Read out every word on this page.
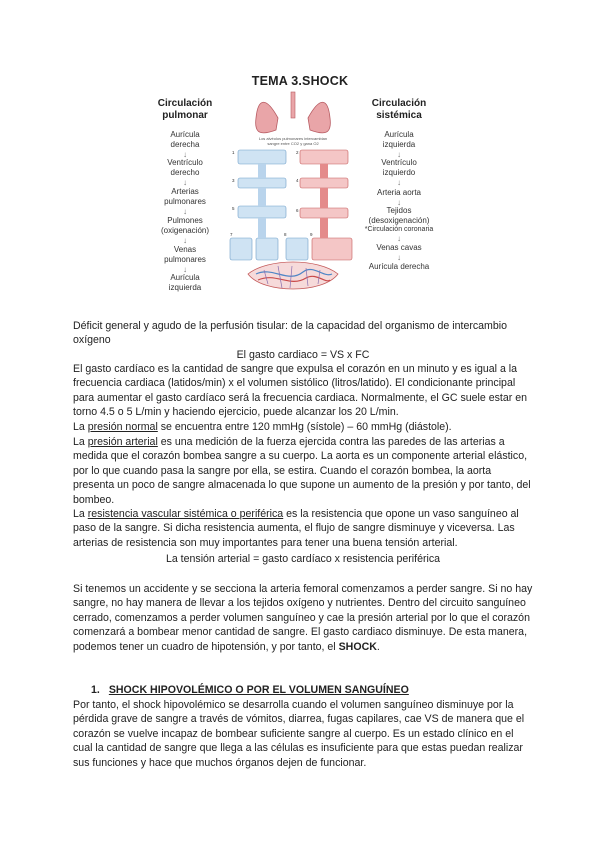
TEMA 3.SHOCK
Circulación
pulmonar
Aurícula
derecha
↓
Ventrículo
derecho
↓
Arterias
pulmonares
↓
Pulmones
(oxigenación)
↓
Venas
pulmonares
↓
Aurícula
izquierda
Circulación
sistémica
Aurícula
izquierda
↓
Ventrículo
izquierdo
↓
Arteria aorta
↓
Tejidos
(desoxigenación)
*Circulación coronaria
↓
Venas cavas
↓
Aurícula derecha
Los alvéolos pulmonares intercambian
sangre entre CO2 y gana O2
1	2
3	4
5	6
7	8	9
Déficit general y agudo de la perfusión tisular: de la capacidad del organismo de intercambio oxígeno
El gasto cardiaco = VS x FC
El gasto cardíaco es la cantidad de sangre que expulsa el corazón en un minuto y es igual a la frecuencia cardiaca (latidos/min) x el volumen sistólico (litros/latido). El condicionante principal para aumentar el gasto cardíaco será la frecuencia cardiaca. Normalmente, el GC suele estar en torno 4.5 o 5 L/min y haciendo ejercicio, puede alcanzar los 20 L/min.
La presión normal se encuentra entre 120 mmHg (sístole) – 60 mmHg (diástole).
La presión arterial es una medición de la fuerza ejercida contra las paredes de las arterias a medida que el corazón bombea sangre a su cuerpo. La aorta es un componente arterial elástico, por lo que cuando pasa la sangre por ella, se estira. Cuando el corazón bombea, la aorta presenta un poco de sangre almacenada lo que supone un aumento de la presión y por tanto, del bombeo.
La resistencia vascular sistémica o periférica es la resistencia que opone un vaso sanguíneo al paso de la sangre. Si dicha resistencia aumenta, el flujo de sangre disminuye y viceversa. Las arterias de resistencia son muy importantes para tener una buena tensión arterial.
La tensión arterial = gasto cardíaco x resistencia periférica
Si tenemos un accidente y se secciona la arteria femoral comenzamos a perder sangre. Si no hay sangre, no hay manera de llevar a los tejidos oxígeno y nutrientes. Dentro del circuito sanguíneo cerrado, comenzamos a perder volumen sanguíneo y cae la presión arterial por lo que el corazón comenzará a bombear menor cantidad de sangre. El gasto cardiaco disminuye. De esta manera, podemos tener un cuadro de hipotensión, y por tanto, el SHOCK.
1. SHOCK HIPOVOLÉMICO O POR EL VOLUMEN SANGUÍNEO
Por tanto, el shock hipovolémico se desarrolla cuando el volumen sanguíneo disminuye por la pérdida grave de sangre a través de vómitos, diarrea, fugas capilares, cae VS de manera que el corazón se vuelve incapaz de bombear suficiente sangre al cuerpo. Es un estado clínico en el cual la cantidad de sangre que llega a las células es insuficiente para que estas puedan realizar sus funciones y hace que muchos órganos dejen de funcionar.
